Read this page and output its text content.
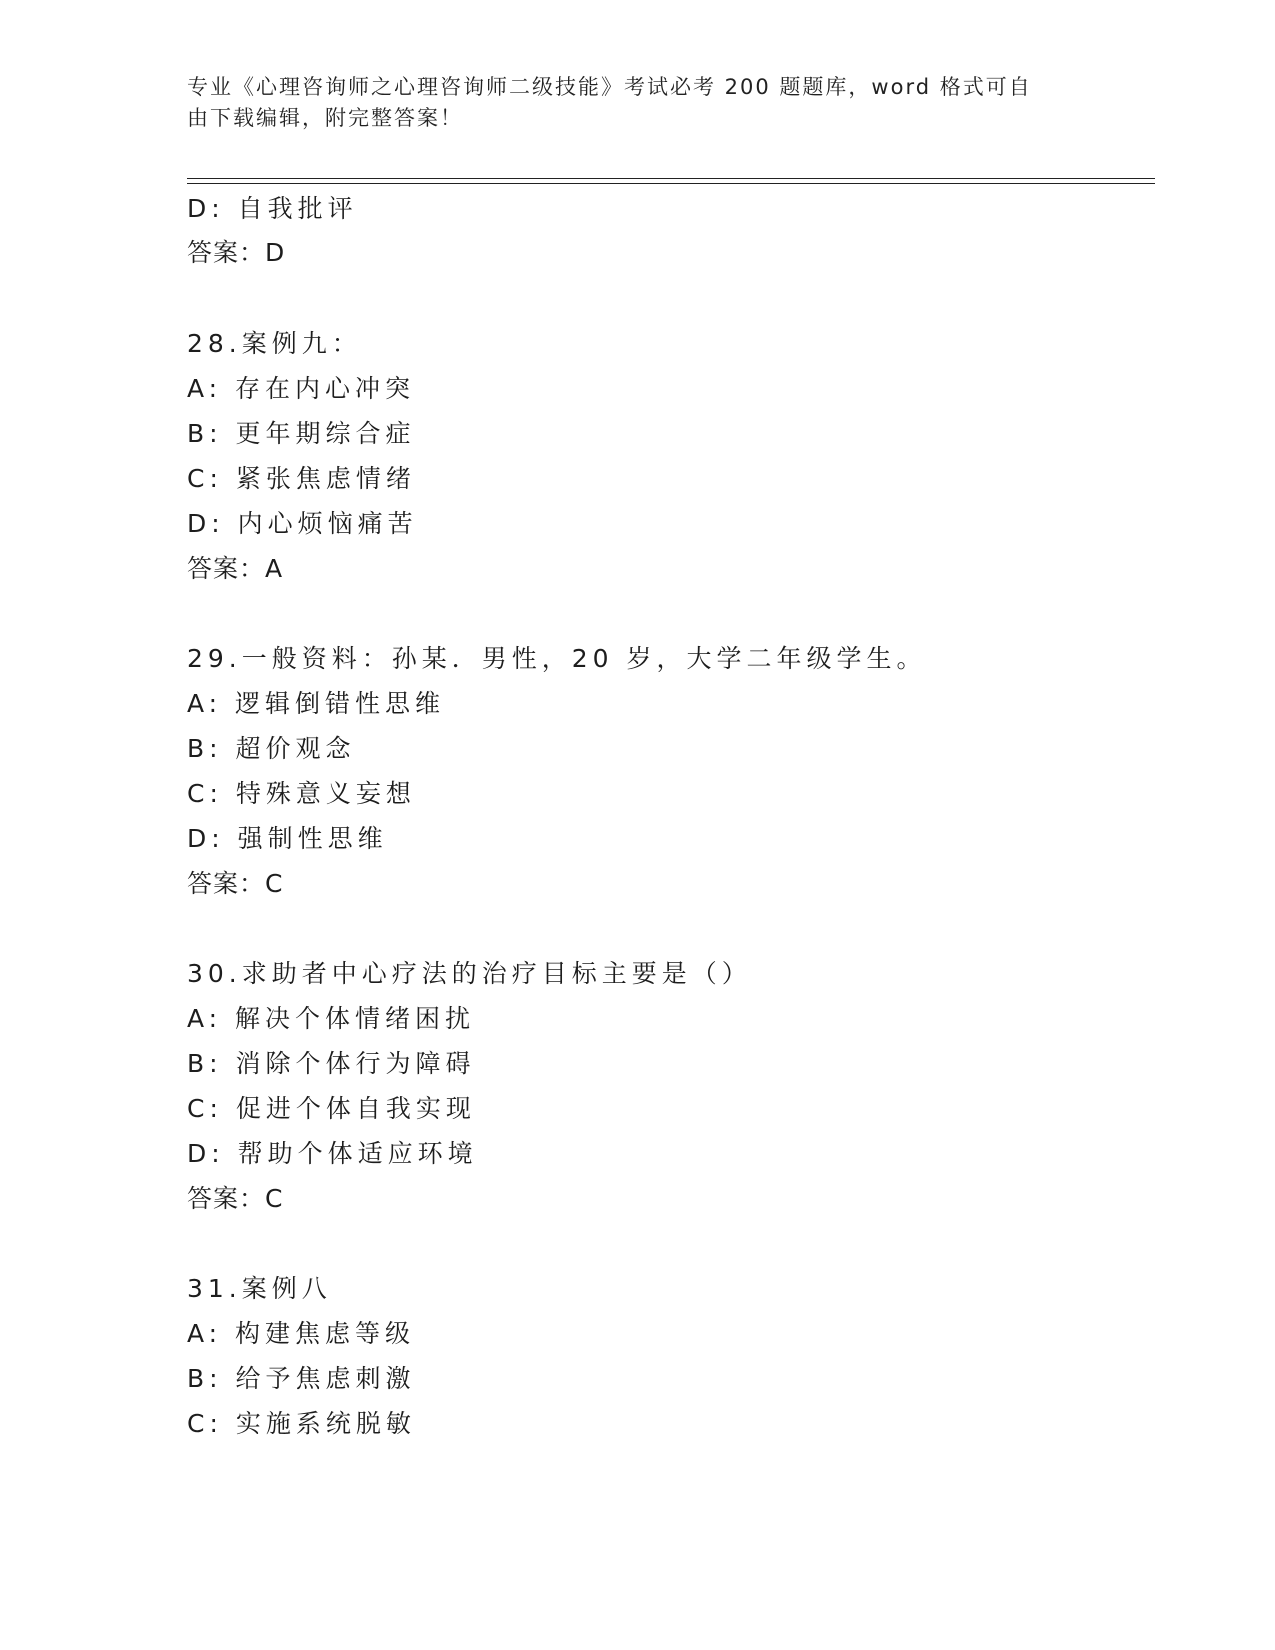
专业《心理咨询师之心理咨询师二级技能》考试必考 200 题题库，word 格式可自
由下载编辑，附完整答案！
D: 自我批评
答案：D
28.案例九：
A: 存在内心冲突
B: 更年期综合症
C: 紧张焦虑情绪
D: 内心烦恼痛苦
答案：A
29.一般资料：孙某．男性，20 岁，大学二年级学生。
A: 逻辑倒错性思维
B: 超价观念
C: 特殊意义妄想
D: 强制性思维
答案：C
30.求助者中心疗法的治疗目标主要是（）
A: 解决个体情绪困扰
B: 消除个体行为障碍
C: 促进个体自我实现
D: 帮助个体适应环境
答案：C
31.案例八
A: 构建焦虑等级
B: 给予焦虑刺激
C: 实施系统脱敏
